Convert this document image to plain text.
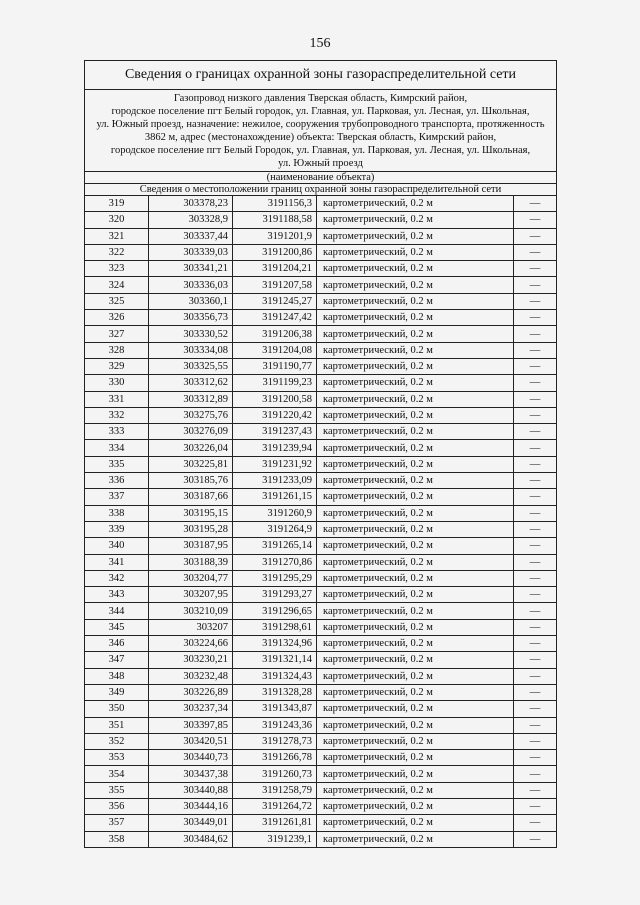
156
Сведения о границах охранной зоны газораспределительной сети
Газопровод низкого давления Тверская область, Кимрский район,
городское поселение пгт Белый городок, ул. Главная, ул. Парковая, ул. Лесная, ул. Школьная,
ул. Южный проезд, назначение: нежилое, сооружения трубопроводного транспорта, протяженность
3862 м, адрес (местонахождение) объекта: Тверская область, Кимрский район,
городское поселение пгт Белый Городок, ул. Главная, ул. Парковая, ул. Лесная, ул. Школьная,
ул. Южный проезд
(наименование объекта)
Сведения о местоположении границ охранной зоны газораспределительной сети
319	303378,23	3191156,3	картометрический, 0.2 м	—
320	303328,9	3191188,58	картометрический, 0.2 м	—
321	303337,44	3191201,9	картометрический, 0.2 м	—
322	303339,03	3191200,86	картометрический, 0.2 м	—
323	303341,21	3191204,21	картометрический, 0.2 м	—
324	303336,03	3191207,58	картометрический, 0.2 м	—
325	303360,1	3191245,27	картометрический, 0.2 м	—
326	303356,73	3191247,42	картометрический, 0.2 м	—
327	303330,52	3191206,38	картометрический, 0.2 м	—
328	303334,08	3191204,08	картометрический, 0.2 м	—
329	303325,55	3191190,77	картометрический, 0.2 м	—
330	303312,62	3191199,23	картометрический, 0.2 м	—
331	303312,89	3191200,58	картометрический, 0.2 м	—
332	303275,76	3191220,42	картометрический, 0.2 м	—
333	303276,09	3191237,43	картометрический, 0.2 м	—
334	303226,04	3191239,94	картометрический, 0.2 м	—
335	303225,81	3191231,92	картометрический, 0.2 м	—
336	303185,76	3191233,09	картометрический, 0.2 м	—
337	303187,66	3191261,15	картометрический, 0.2 м	—
338	303195,15	3191260,9	картометрический, 0.2 м	—
339	303195,28	3191264,9	картометрический, 0.2 м	—
340	303187,95	3191265,14	картометрический, 0.2 м	—
341	303188,39	3191270,86	картометрический, 0.2 м	—
342	303204,77	3191295,29	картометрический, 0.2 м	—
343	303207,95	3191293,27	картометрический, 0.2 м	—
344	303210,09	3191296,65	картометрический, 0.2 м	—
345	303207	3191298,61	картометрический, 0.2 м	—
346	303224,66	3191324,96	картометрический, 0.2 м	—
347	303230,21	3191321,14	картометрический, 0.2 м	—
348	303232,48	3191324,43	картометрический, 0.2 м	—
349	303226,89	3191328,28	картометрический, 0.2 м	—
350	303237,34	3191343,87	картометрический, 0.2 м	—
351	303397,85	3191243,36	картометрический, 0.2 м	—
352	303420,51	3191278,73	картометрический, 0.2 м	—
353	303440,73	3191266,78	картометрический, 0.2 м	—
354	303437,38	3191260,73	картометрический, 0.2 м	—
355	303440,88	3191258,79	картометрический, 0.2 м	—
356	303444,16	3191264,72	картометрический, 0.2 м	—
357	303449,01	3191261,81	картометрический, 0.2 м	—
358	303484,62	3191239,1	картометрический, 0.2 м	—
